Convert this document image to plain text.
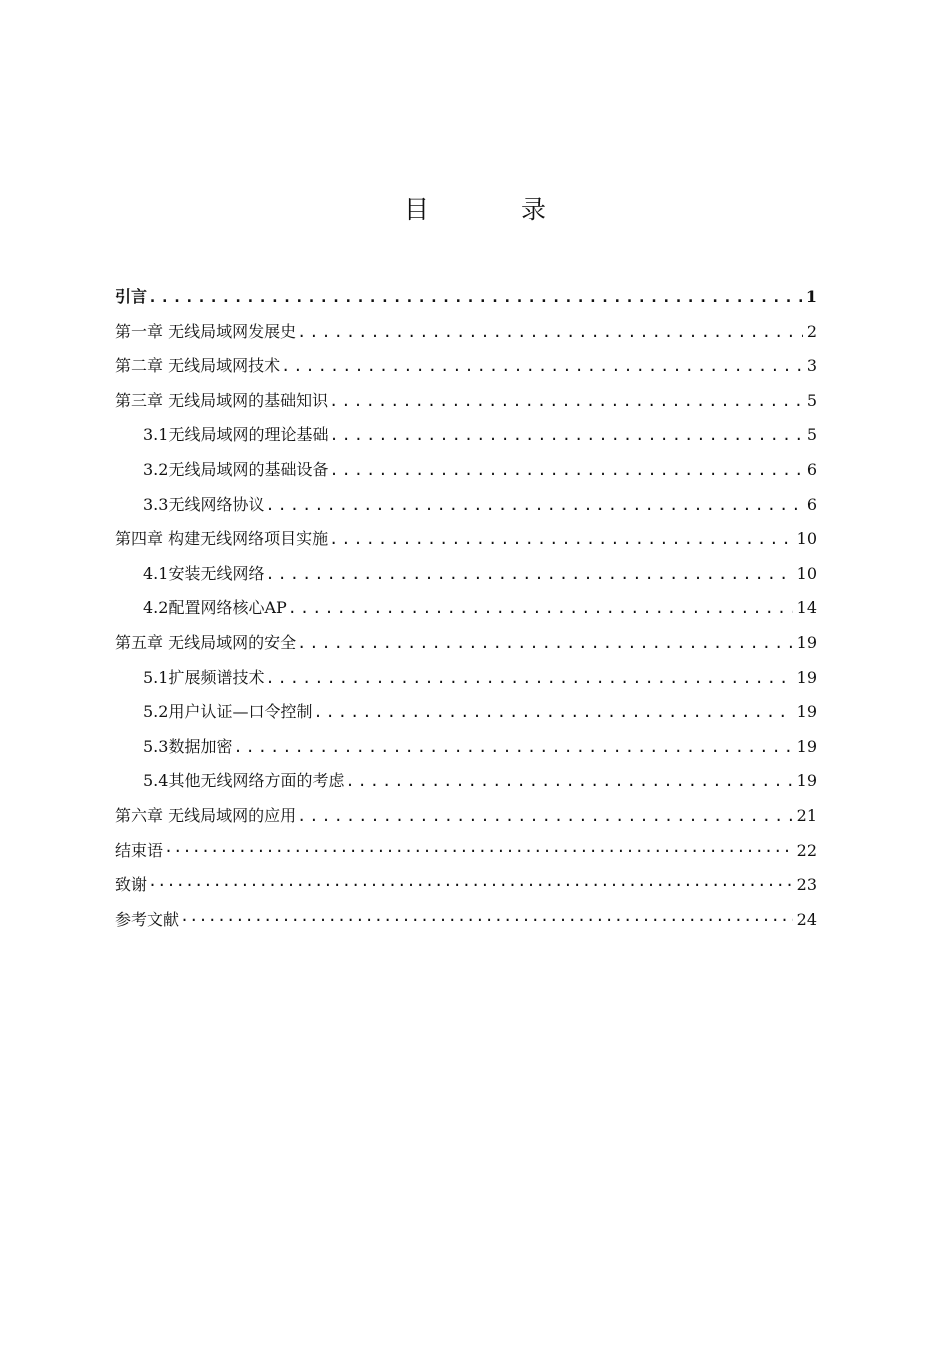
目 录
引言 .....	1
第一章 无线局域网发展史 .....	2
第二章 无线局域网技术 .....	3
第三章 无线局域网的基础知识 .....	5
3.1无线局域网的理论基础 .....	5
3.2无线局域网的基础设备 .....	6
3.3无线网络协议 .....	6
第四章 构建无线网络项目实施 .....	10
4.1安装无线网络 .....	10
4.2配置网络核心AP .....	14
第五章 无线局域网的安全 .....	19
5.1扩展频谱技术 .....	19
5.2用户认证—口令控制 .....	19
5.3数据加密 .....	19
5.4其他无线网络方面的考虑 .....	19
第六章 无线局域网的应用 .....	21
结束语 ·····	22
致谢 ·····	23
参考文献 ·····	24
